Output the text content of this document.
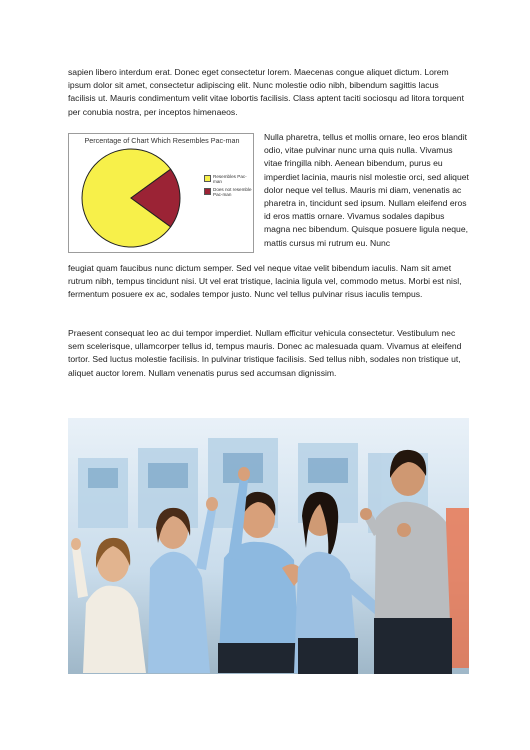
sapien libero interdum erat. Donec eget consectetur lorem. Maecenas congue aliquet dictum. Lorem ipsum dolor sit amet, consectetur adipiscing elit. Nunc molestie odio nibh, bibendum sagittis lacus facilisis ut. Mauris condimentum velit vitae lobortis facilisis. Class aptent taciti sociosqu ad litora torquent per conubia nostra, per inceptos himenaeos.

Percentage of Chart Which Resembles Pac-man
Resembles Pac-man
Does not resemble Pac-man

Nulla pharetra, tellus et mollis ornare, leo eros blandit odio, vitae pulvinar nunc urna quis nulla. Vivamus vitae fringilla nibh. Aenean bibendum, purus eu imperdiet lacinia, mauris nisl molestie orci, sed aliquet dolor neque vel tellus. Mauris mi diam, venenatis ac pharetra in, tincidunt sed ipsum. Nullam eleifend eros id eros mattis ornare. Vivamus sodales dapibus magna nec bibendum. Quisque posuere ligula neque, mattis cursus mi rutrum eu. Nunc

feugiat quam faucibus nunc dictum semper. Sed vel neque vitae velit bibendum iaculis. Nam sit amet rutrum nibh, tempus tincidunt nisi. Ut vel erat tristique, lacinia ligula vel, commodo metus. Morbi est nisl, fermentum posuere ex ac, sodales tempor justo. Nunc vel tellus pulvinar risus iaculis tempus.

Praesent consequat leo ac dui tempor imperdiet. Nullam efficitur vehicula consectetur. Vestibulum nec sem scelerisque, ullamcorper tellus id, tempus mauris. Donec ac malesuada quam. Vivamus at eleifend tortor. Sed luctus molestie facilisis. In pulvinar tristique facilisis. Sed tellus nibh, sodales non tristique ut, aliquet auctor lorem. Nullam venenatis purus sed accumsan dignissim.
